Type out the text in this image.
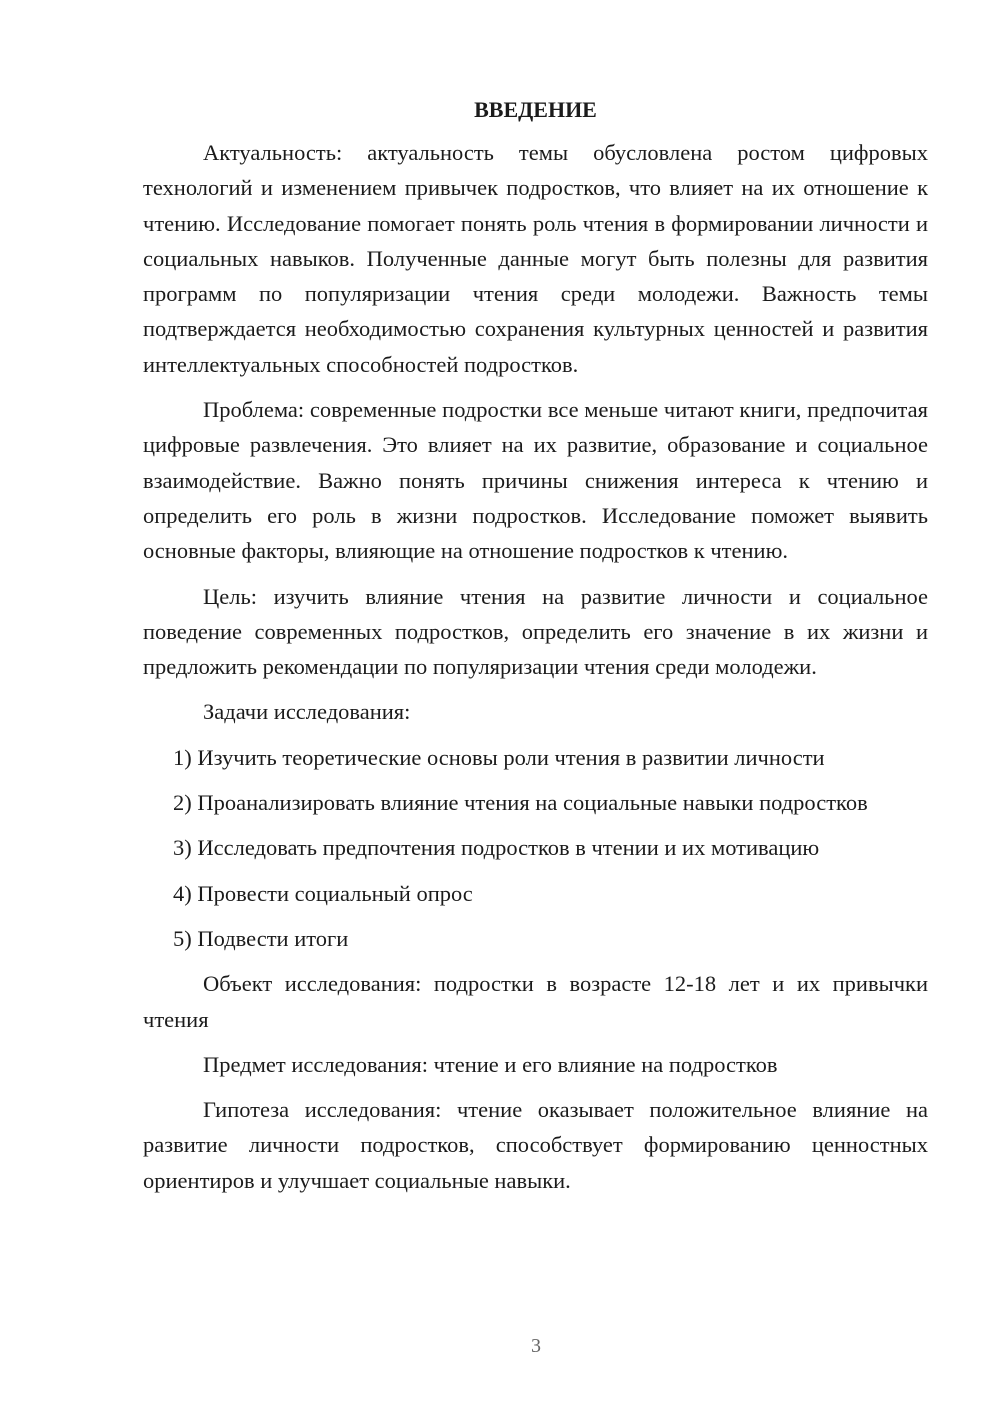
ВВЕДЕНИЕ

Актуальность: актуальность темы обусловлена ростом цифровых технологий и изменением привычек подростков, что влияет на их отношение к чтению. Исследование помогает понять роль чтения в формировании личности и социальных навыков. Полученные данные могут быть полезны для развития программ по популяризации чтения среди молодежи. Важность темы подтверждается необходимостью сохранения культурных ценностей и развития интеллектуальных способностей подростков.

Проблема: современные подростки все меньше читают книги, предпочитая цифровые развлечения. Это влияет на их развитие, образование и социальное взаимодействие. Важно понять причины снижения интереса к чтению и определить его роль в жизни подростков. Исследование поможет выявить основные факторы, влияющие на отношение подростков к чтению.

Цель: изучить влияние чтения на развитие личности и социальное поведение современных подростков, определить его значение в их жизни и предложить рекомендации по популяризации чтения среди молодежи.

Задачи исследования:

1) Изучить теоретические основы роли чтения в развитии личности

2) Проанализировать влияние чтения на социальные навыки подростков

3) Исследовать предпочтения подростков в чтении и их мотивацию

4) Провести социальный опрос

5) Подвести итоги

Объект исследования: подростки в возрасте 12-18 лет и их привычки чтения

Предмет исследования: чтение и его влияние на подростков

Гипотеза исследования: чтение оказывает положительное влияние на развитие личности подростков, способствует формированию ценностных ориентиров и улучшает социальные навыки.

3
